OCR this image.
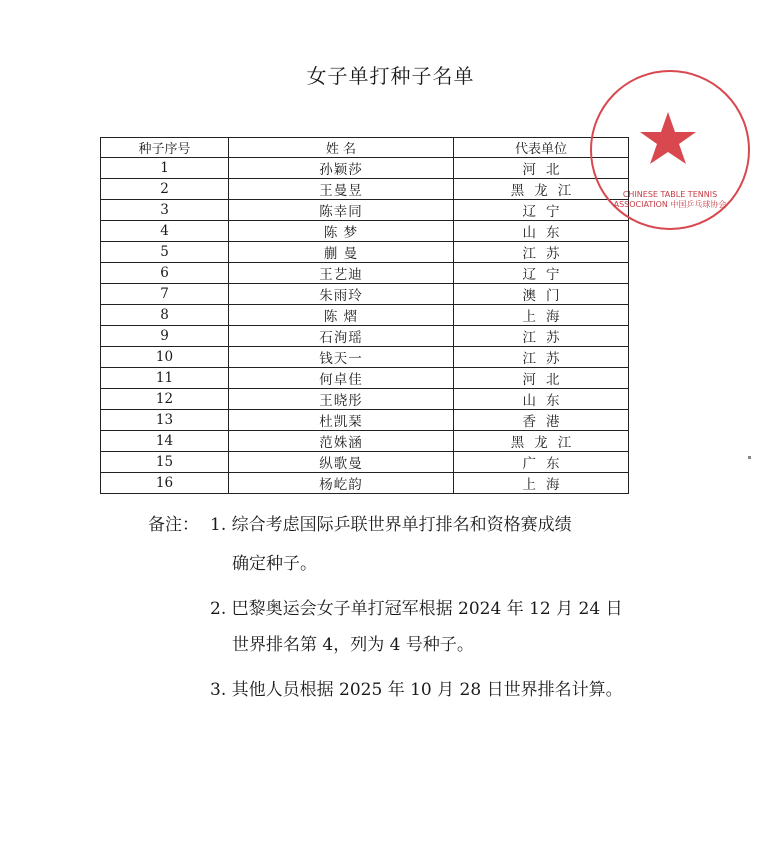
女子单打种子名单
种子序号	姓 名	代表单位
1	孙颖莎	河北
2	王曼昱	黑龙江
3	陈幸同	辽宁
4	陈 梦	山东
5	蒯 曼	江苏
6	王艺迪	辽宁
7	朱雨玲	澳门
8	陈 熠	上海
9	石洵瑶	江苏
10	钱天一	江苏
11	何卓佳	河北
12	王晓彤	山东
13	杜凯琹	香港
14	范姝涵	黑龙江
15	纵歌曼	广东
16	杨屹韵	上海
备注： 1. 综合考虑国际乒联世界单打排名和资格赛成绩
确定种子。
2. 巴黎奥运会女子单打冠军根据 2024 年 12 月 24 日
世界排名第 4，列为 4 号种子。
3. 其他人员根据 2025 年 10 月 28 日世界排名计算。
CHINESE TABLE TENNIS ASSOCIATION 中国乒乓球协会
